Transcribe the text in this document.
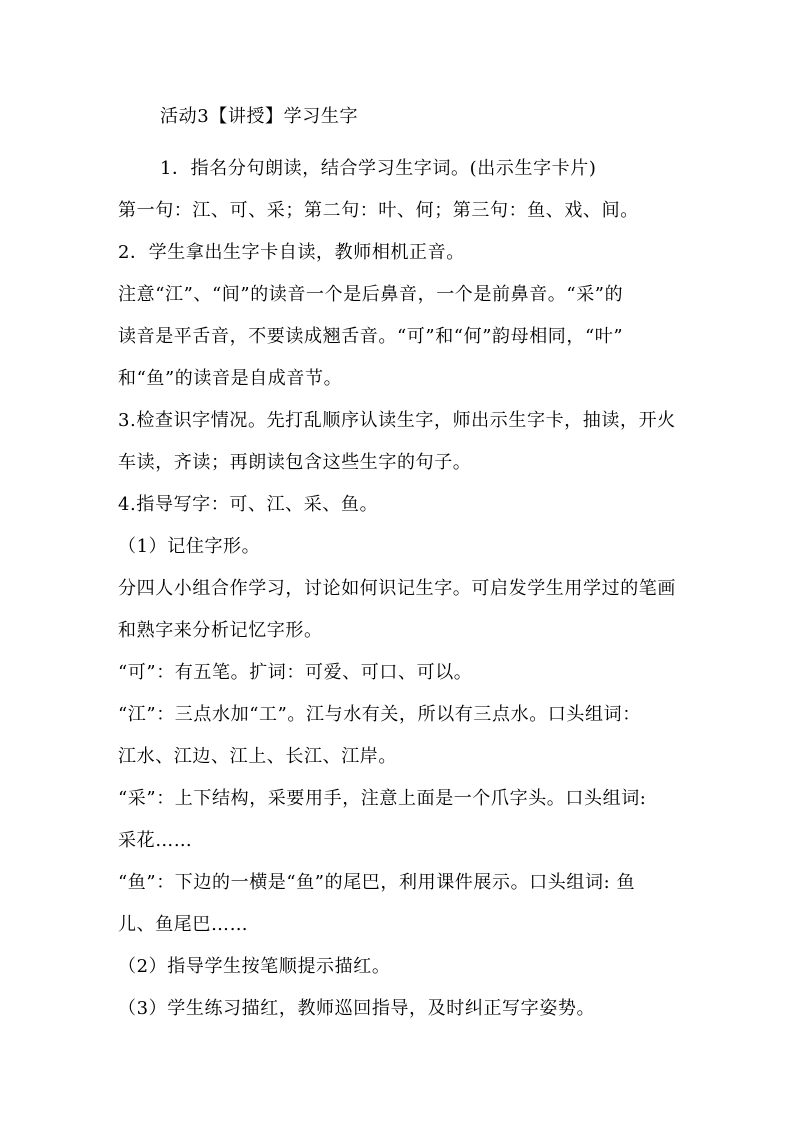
活动3【讲授】学习生字
1．指名分句朗读，结合学习生字词。(出示生字卡片)
第一句：江、可、采；第二句：叶、何；第三句：鱼、戏、间。
2．学生拿出生字卡自读，教师相机正音。
注意“江”、“间”的读音一个是后鼻音，一个是前鼻音。“采”的
读音是平舌音，不要读成翘舌音。“可”和“何”韵母相同，“叶”
和“鱼”的读音是自成音节。
3.检查识字情况。先打乱顺序认读生字，师出示生字卡，抽读，开火
车读，齐读；再朗读包含这些生字的句子。
4.指导写字：可、江、采、鱼。
（1）记住字形。
分四人小组合作学习，讨论如何识记生字。可启发学生用学过的笔画
和熟字来分析记忆字形。
“可”：有五笔。扩词：可爱、可口、可以。
“江”：三点水加“工”。江与水有关，所以有三点水。口头组词：
江水、江边、江上、长江、江岸。
“采”：上下结构，采要用手，注意上面是一个爪字头。口头组词:
采花……
“鱼”：下边的一横是“鱼”的尾巴，利用课件展示。口头组词: 鱼
儿、鱼尾巴……
（2）指导学生按笔顺提示描红。
（3）学生练习描红，教师巡回指导，及时纠正写字姿势。
